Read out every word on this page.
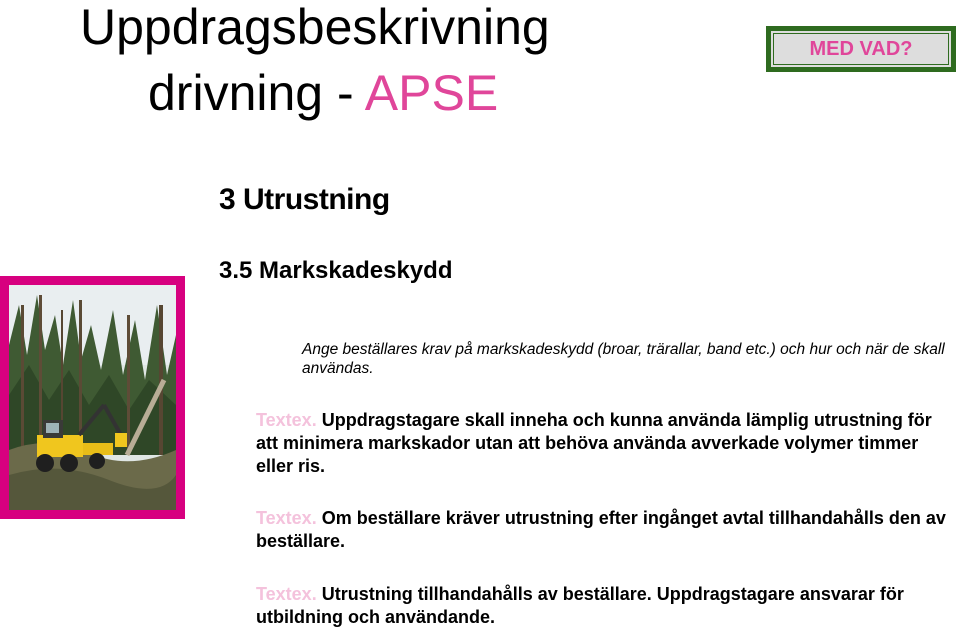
Uppdragsbeskrivning
drivning - APSE
MED VAD?
3 Utrustning
3.5 Markskadeskydd
Ange beställares krav på markskadeskydd (broar, trärallar, band etc.) och hur och när de skall användas.
Textex. Uppdragstagare skall inneha och kunna använda lämplig utrustning för att minimera markskador utan att behöva använda avverkade volymer timmer eller ris.
Textex. Om beställare kräver utrustning efter ingånget avtal tillhandahålls den av beställare.
Textex. Utrustning tillhandahålls av beställare. Uppdragstagare ansvarar för utbildning och användande.
